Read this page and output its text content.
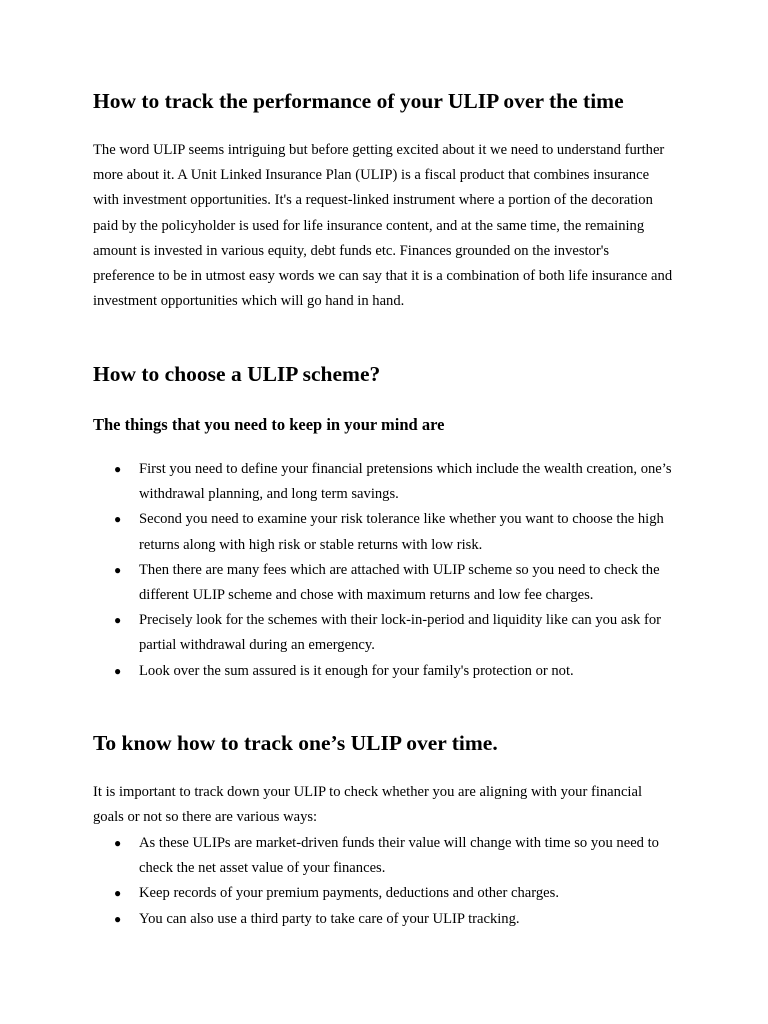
How to track the performance of your ULIP over the time

The word ULIP seems intriguing but before getting excited about it we need to understand further more about it. A Unit Linked Insurance Plan (ULIP) is a fiscal product that combines insurance with investment opportunities. It's a request-linked instrument where a portion of the decoration paid by the policyholder is used for life insurance content, and at the same time, the remaining amount is invested in various equity, debt funds etc. Finances grounded on the investor's preference to be in utmost easy words we can say that it is a combination of both life insurance and investment opportunities which will go hand in hand.

How to choose a ULIP scheme?
The things that you need to keep in your mind are
● First you need to define your financial pretensions which include the wealth creation, one’s withdrawal planning, and long term savings.
● Second you need to examine your risk tolerance like whether you want to choose the high returns along with high risk or stable returns with low risk.
● Then there are many fees which are attached with ULIP scheme so you need to check the different ULIP scheme and chose with maximum returns and low fee charges.
● Precisely look for the schemes with their lock-in-period and liquidity like can you ask for partial withdrawal during an emergency.
● Look over the sum assured is it enough for your family's protection or not.
To know how to track one’s ULIP over time.

It is important to track down your ULIP to check whether you are aligning with your financial goals or not so there are various ways:

● As these ULIPs are market-driven funds their value will change with time so you need to check the net asset value of your finances.
● Keep records of your premium payments, deductions and other charges.
● You can also use a third party to take care of your ULIP tracking.
